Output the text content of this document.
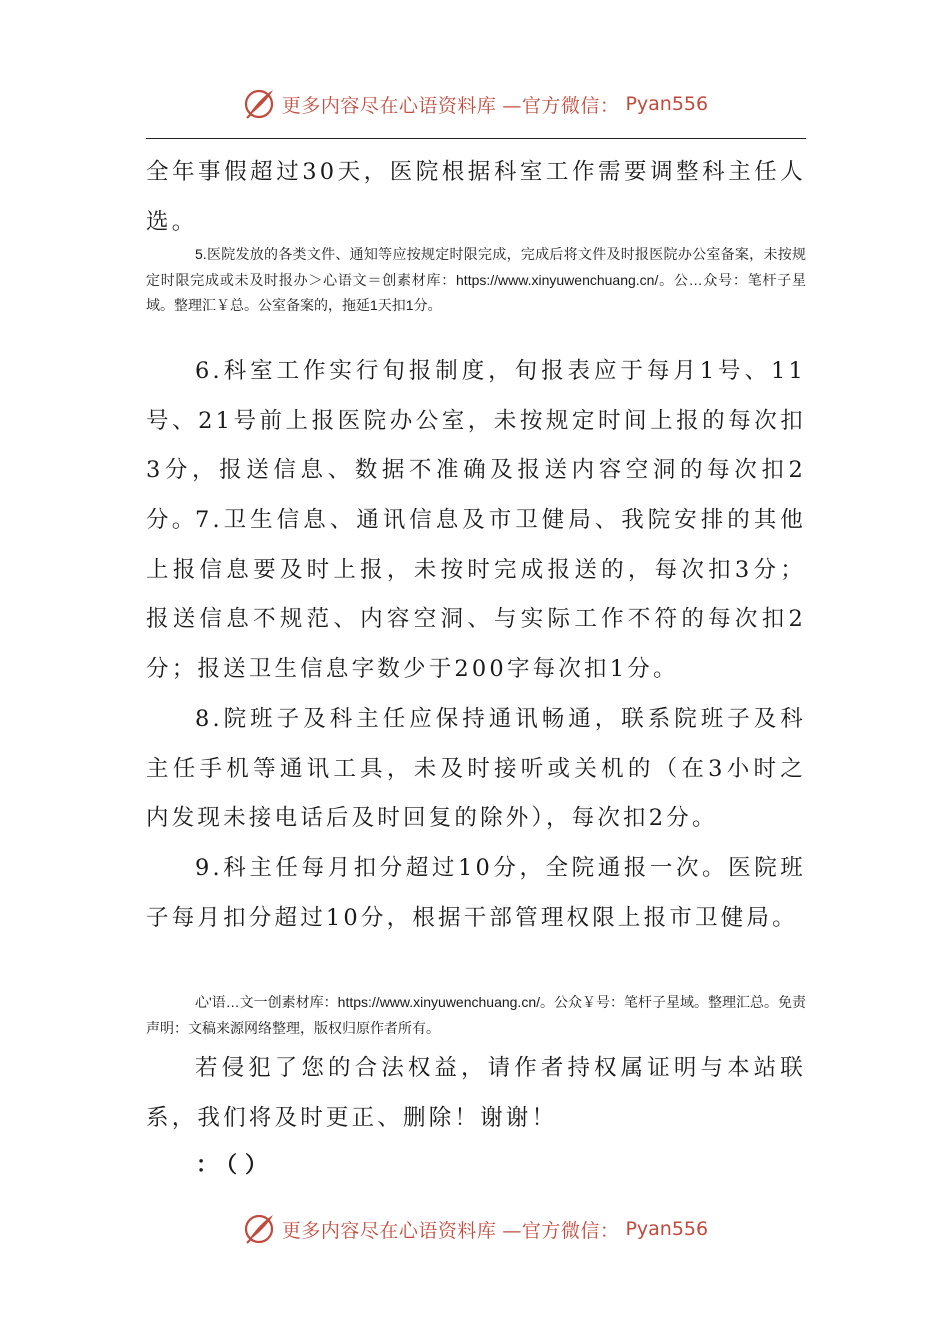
更多内容尽在心语资料库 —官方微信： Pyan556

全年事假超过30天，医院根据科室工作需要调整科主任人选。

5.医院发放的各类文件、通知等应按规定时限完成，完成后将文件及时报医院办公室备案，未按规定时限完成或未及时报办＞心语文＝创素材库：https://www.xinyuwenchuang.cn/。公…众号：笔杆子星域。整理汇￥总。公室备案的，拖延1天扣1分。

6.科室工作实行旬报制度，旬报表应于每月1号、11号、21号前上报医院办公室，未按规定时间上报的每次扣3分，报送信息、数据不准确及报送内容空洞的每次扣2分。

7.卫生信息、通讯信息及市卫健局、我院安排的其他上报信息要及时上报，未按时完成报送的，每次扣3分；报送信息不规范、内容空洞、与实际工作不符的每次扣2分；报送卫生信息字数少于200字每次扣1分。

8.院班子及科主任应保持通讯畅通，联系院班子及科主任手机等通讯工具，未及时接听或关机的（在3小时之内发现未接电话后及时回复的除外），每次扣2分。

9.科主任每月扣分超过10分，全院通报一次。医院班子每月扣分超过10分，根据干部管理权限上报市卫健局。

心'语…文一创素材库：https://www.xinyuwenchuang.cn/。公众￥号：笔杆子星域。整理汇总。免责声明：文稿来源网络整理，版权归原作者所有。

若侵犯了您的合法权益，请作者持权属证明与本站联系，我们将及时更正、删除！谢谢！

：（）
更多内容尽在心语资料库 —官方微信： Pyan556
